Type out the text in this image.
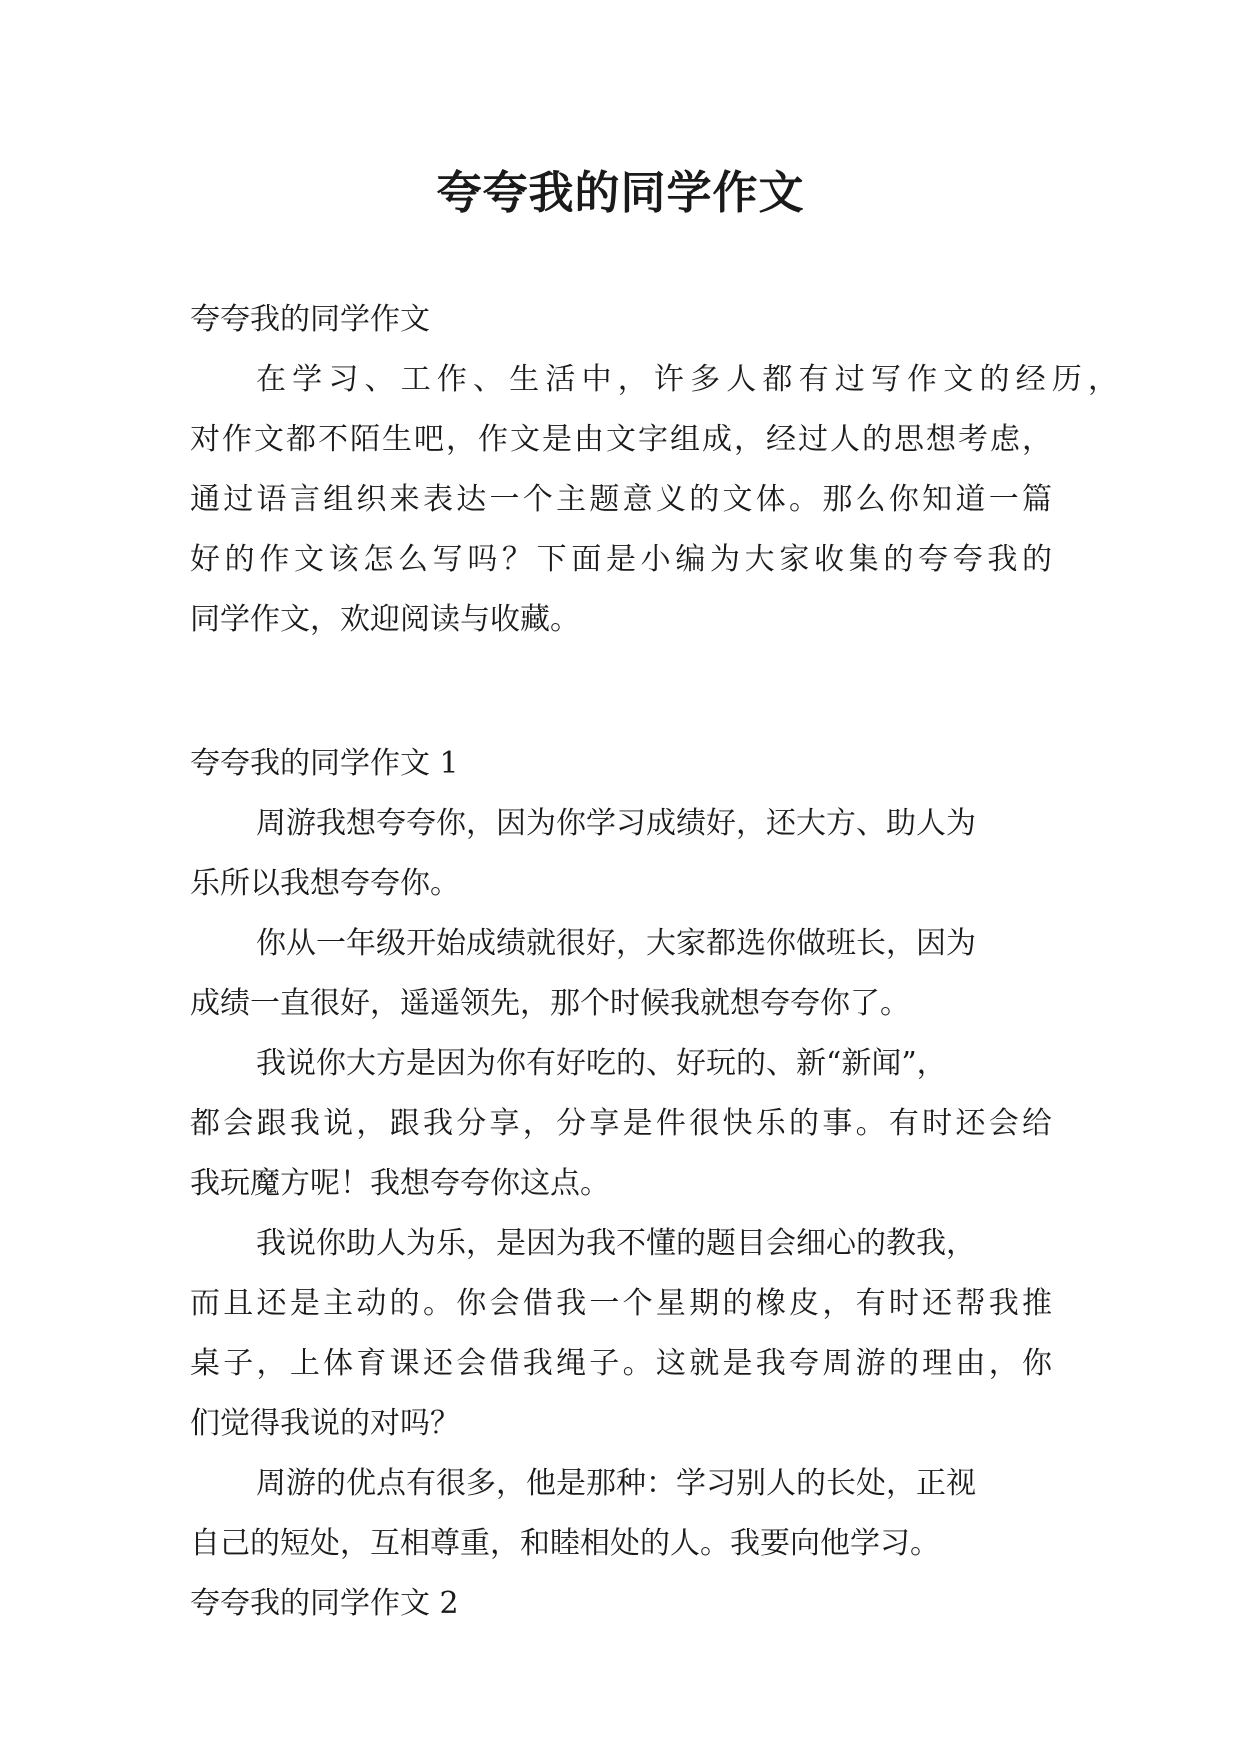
夸夸我的同学作文
夸夸我的同学作文
在学习、工作、生活中，许多人都有过写作文的经历，
对作文都不陌生吧，作文是由文字组成，经过人的思想考虑，
通过语言组织来表达一个主题意义的文体。那么你知道一篇
好的作文该怎么写吗？下面是小编为大家收集的夸夸我的
同学作文，欢迎阅读与收藏。
夸夸我的同学作文 1
周游我想夸夸你，因为你学习成绩好，还大方、助人为
乐所以我想夸夸你。
你从一年级开始成绩就很好，大家都选你做班长，因为
成绩一直很好，遥遥领先，那个时候我就想夸夸你了。
我说你大方是因为你有好吃的、好玩的、新“新闻”，
都会跟我说，跟我分享，分享是件很快乐的事。有时还会给
我玩魔方呢！我想夸夸你这点。
我说你助人为乐，是因为我不懂的题目会细心的教我，
而且还是主动的。你会借我一个星期的橡皮，有时还帮我推
桌子，上体育课还会借我绳子。这就是我夸周游的理由，你
们觉得我说的对吗？
周游的优点有很多，他是那种：学习别人的长处，正视
自己的短处，互相尊重，和睦相处的人。我要向他学习。
夸夸我的同学作文 2
